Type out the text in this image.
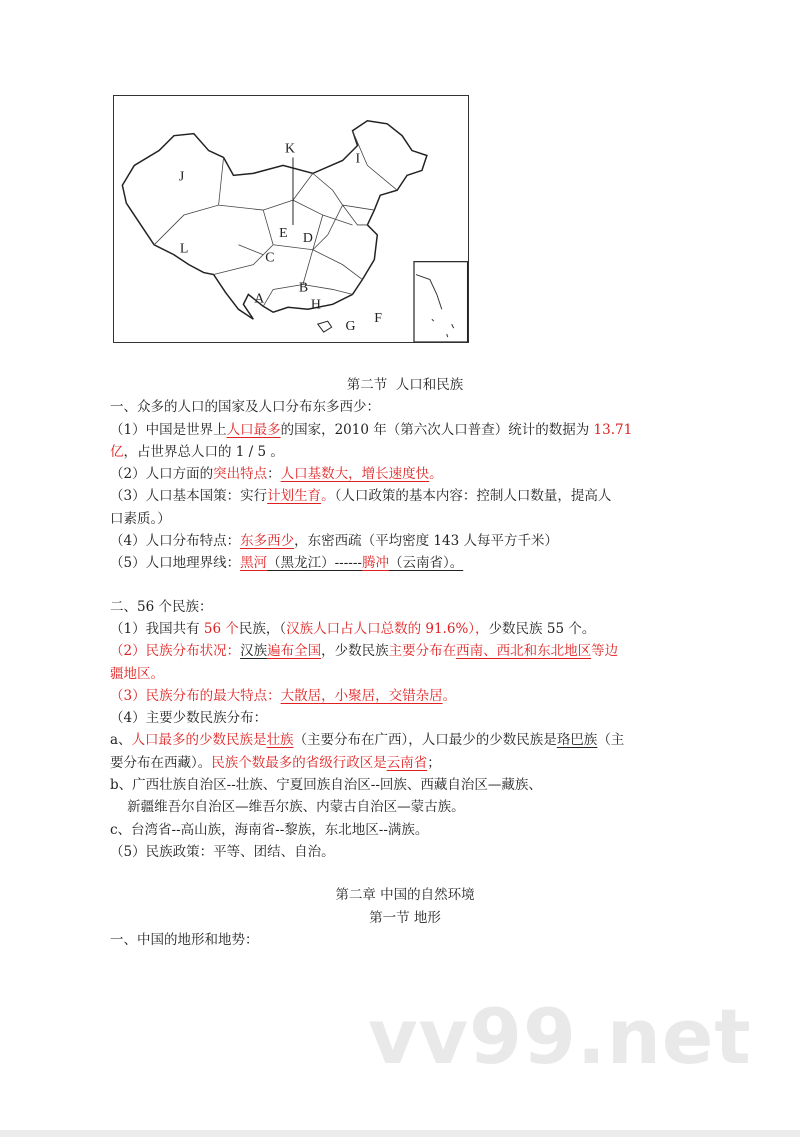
J
K
I
L
E D
C
A
B
H
G
F
第二节  人口和民族
一、众多的人口的国家及人口分布东多西少：
（1）中国是世界上人口最多的国家，2010 年（第六次人口普查）统计的数据为 13.71
亿，占世界总人口的 1 / 5 。
（2）人口方面的突出特点：人口基数大，增长速度快。
（3）人口基本国策：实行计划生育。（人口政策的基本内容：控制人口数量，提高人
口素质。）
（4）人口分布特点：东多西少，东密西疏（平均密度 143 人每平方千米）
（5）人口地理界线：黑河（黑龙江）------腾冲（云南省）。
二、56 个民族：
（1）我国共有 56 个民族，（汉族人口占人口总数的 91.6%），少数民族 55 个。
（2）民族分布状况：汉族遍布全国，少数民族主要分布在西南、西北和东北地区等边
疆地区。
（3）民族分布的最大特点：大散居，小聚居，交错杂居。
（4）主要少数民族分布：
a、人口最多的少数民族是壮族（主要分布在广西），人口最少的少数民族是珞巴族（主
要分布在西藏）。民族个数最多的省级行政区是云南省；
b、广西壮族自治区--壮族、宁夏回族自治区--回族、西藏自治区—藏族、
新疆维吾尔自治区—维吾尔族、内蒙古自治区—蒙古族。
c、台湾省--高山族，海南省--黎族，东北地区--满族。
（5）民族政策：平等、团结、自治。
第二章 中国的自然环境
第一节 地形
一、中国的地形和地势：
vv99.net
